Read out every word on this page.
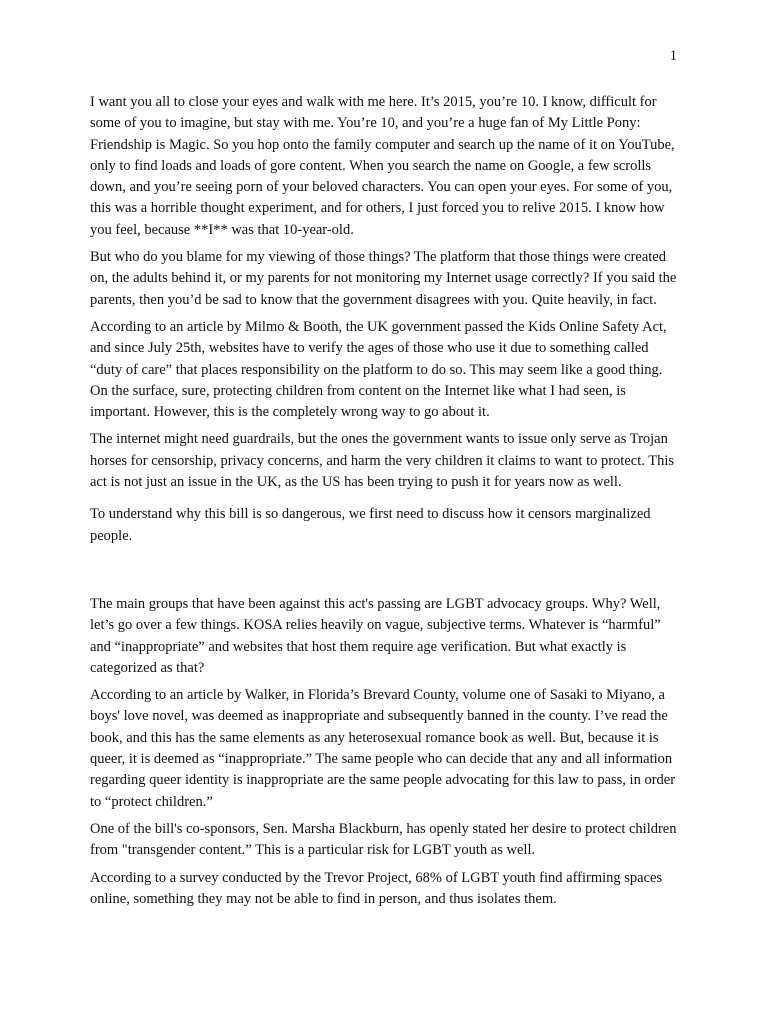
1

I want you all to close your eyes and walk with me here. It’s 2015, you’re 10. I know, difficult for some of you to imagine, but stay with me. You’re 10, and you’re a huge fan of My Little Pony: Friendship is Magic. So you hop onto the family computer and search up the name of it on YouTube, only to find loads and loads of gore content. When you search the name on Google, a few scrolls down, and you’re seeing porn of your beloved characters. You can open your eyes. For some of you, this was a horrible thought experiment, and for others, I just forced you to relive 2015. I know how you feel, because **I** was that 10-year-old.

But who do you blame for my viewing of those things? The platform that those things were created on, the adults behind it, or my parents for not monitoring my Internet usage correctly? If you said the parents, then you’d be sad to know that the government disagrees with you. Quite heavily, in fact.

According to an article by Milmo & Booth, the UK government passed the Kids Online Safety Act, and since July 25th, websites have to verify the ages of those who use it due to something called “duty of care” that places responsibility on the platform to do so. This may seem like a good thing. On the surface, sure, protecting children from content on the Internet like what I had seen, is important. However, this is the completely wrong way to go about it.

The internet might need guardrails, but the ones the government wants to issue only serve as Trojan horses for censorship, privacy concerns, and harm the very children it claims to want to protect. This act is not just an issue in the UK, as the US has been trying to push it for years now as well.

To understand why this bill is so dangerous, we first need to discuss how it censors marginalized people.

The main groups that have been against this act's passing are LGBT advocacy groups. Why? Well, let’s go over a few things. KOSA relies heavily on vague, subjective terms. Whatever is “harmful” and “inappropriate” and websites that host them require age verification. But what exactly is categorized as that?

According to an article by Walker, in Florida’s Brevard County, volume one of Sasaki to Miyano, a boys' love novel, was deemed as inappropriate and subsequently banned in the county. I’ve read the book, and this has the same elements as any heterosexual romance book as well. But, because it is queer, it is deemed as “inappropriate.” The same people who can decide that any and all information regarding queer identity is inappropriate are the same people advocating for this law to pass, in order to “protect children.”

One of the bill's co-sponsors, Sen. Marsha Blackburn, has openly stated her desire to protect children from "transgender content.” This is a particular risk for LGBT youth as well.

According to a survey conducted by the Trevor Project, 68% of LGBT youth find affirming spaces online, something they may not be able to find in person, and thus isolates them.
